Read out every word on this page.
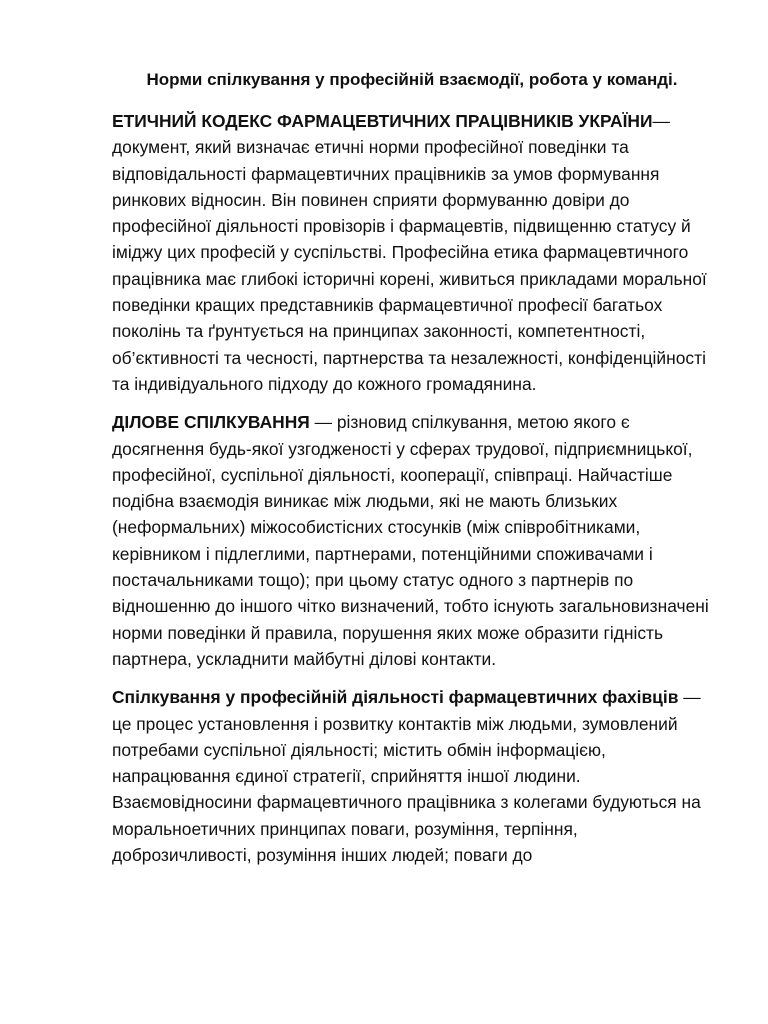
Норми спілкування у професійній взаємодії, робота у команді.

ЕТИЧНИЙ КОДЕКС ФАРМАЦЕВТИЧНИХ ПРАЦІВНИКІВ УКРАЇНИ— документ, який визначає етичні норми професійної поведінки та відповідальності фармацевтичних працівників за умов формування ринкових відносин. Він повинен сприяти формуванню довіри до професійної діяльності провізорів і фармацевтів, підвищенню статусу й іміджу цих професій у суспільстві. Професійна етика фармацевтичного працівника має глибокі історичні корені, живиться прикладами моральної поведінки кращих представників фармацевтичної професії багатьох поколінь та ґрунтується на принципах законності, компетентності, об’єктивності та чесності, партнерства та незалежності, конфіденційності та індивідуального підходу до кожного громадянина.

ДІЛОВЕ СПІЛКУВАННЯ — різновид спілкування, метою якого є досягнення будь-якої узгодженості у сферах трудової, підприємницької, професійної, суспільної діяльності, кооперації, співпраці. Найчастіше подібна взаємодія виникає між людьми, які не мають близьких (неформальних) міжособистісних стосунків (між співробітниками, керівником і підлеглими, партнерами, потенційними споживачами і постачальниками тощо); при цьому статус одного з партнерів по відношенню до іншого чітко визначений, тобто існують загальновизначені норми поведінки й правила, порушення яких може образити гідність партнера, ускладнити майбутні ділові контакти.

Спілкування у професійній діяльності фармацевтичних фахівців — це процес установлення і розвитку контактів між людьми, зумовлений потребами суспільної діяльності; містить обмін інформацією, напрацювання єдиної стратегії, сприйняття іншої людини. Взаємовідносини фармацевтичного працівника з колегами будуються на моральноетичних принципах поваги, розуміння, терпіння, доброзичливості, розуміння інших людей; поваги до
